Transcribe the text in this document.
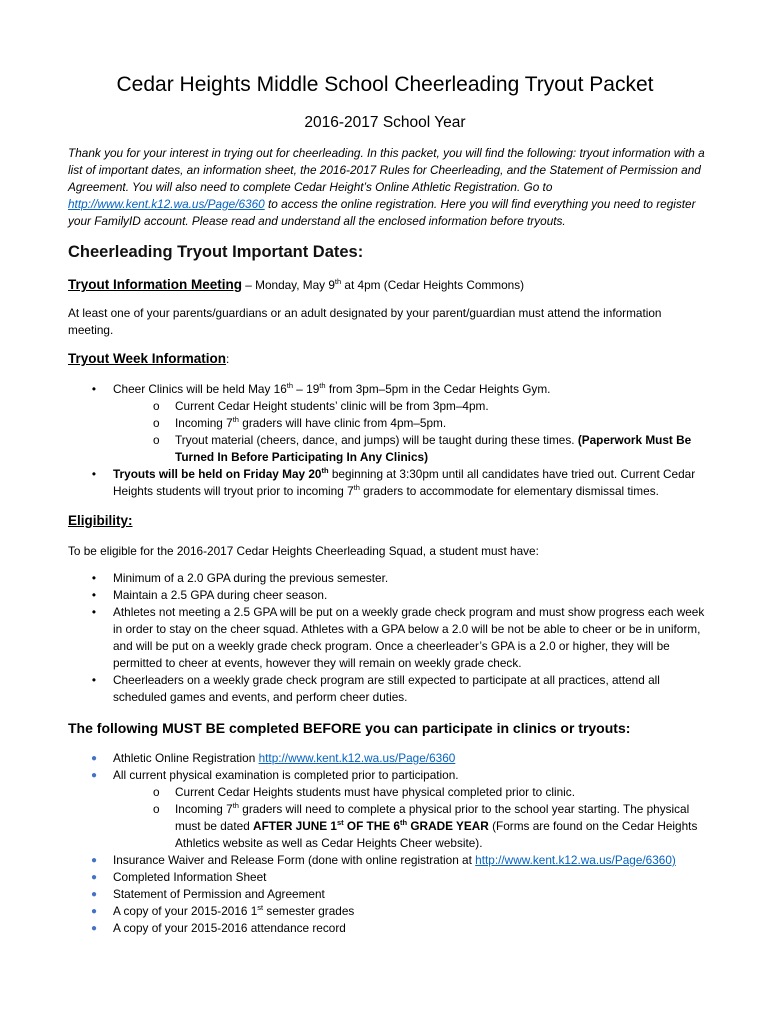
Cedar Heights Middle School Cheerleading Tryout Packet
2016-2017 School Year
Thank you for your interest in trying out for cheerleading. In this packet, you will find the following: tryout information with a list of important dates, an information sheet, the 2016-2017 Rules for Cheerleading, and the Statement of Permission and Agreement. You will also need to complete Cedar Height’s Online Athletic Registration. Go to http://www.kent.k12.wa.us/Page/6360 to access the online registration. Here you will find everything you need to register your FamilyID account. Please read and understand all the enclosed information before tryouts.
Cheerleading Tryout Important Dates:
Tryout Information Meeting – Monday, May 9th at 4pm (Cedar Heights Commons)
At least one of your parents/guardians or an adult designated by your parent/guardian must attend the information meeting.
Tryout Week Information:
•	Cheer Clinics will be held May 16th – 19th from 3pm–5pm in the Cedar Heights Gym.
o Current Cedar Height students’ clinic will be from 3pm–4pm.
o Incoming 7th graders will have clinic from 4pm–5pm.
o Tryout material (cheers, dance, and jumps) will be taught during these times. (Paperwork Must Be Turned In Before Participating In Any Clinics)
•	Tryouts will be held on Friday May 20th beginning at 3:30pm until all candidates have tried out. Current Cedar Heights students will tryout prior to incoming 7th graders to accommodate for elementary dismissal times.
Eligibility:
To be eligible for the 2016-2017 Cedar Heights Cheerleading Squad, a student must have:
•	Minimum of a 2.0 GPA during the previous semester.
•	Maintain a 2.5 GPA during cheer season.
•	Athletes not meeting a 2.5 GPA will be put on a weekly grade check program and must show progress each week in order to stay on the cheer squad. Athletes with a GPA below a 2.0 will be not be able to cheer or be in uniform, and will be put on a weekly grade check program. Once a cheerleader’s GPA is a 2.0 or higher, they will be permitted to cheer at events, however they will remain on weekly grade check.
•	Cheerleaders on a weekly grade check program are still expected to participate at all practices, attend all scheduled games and events, and perform cheer duties.
The following MUST BE completed BEFORE you can participate in clinics or tryouts:
● Athletic Online Registration http://www.kent.k12.wa.us/Page/6360
● All current physical examination is completed prior to participation.
o Current Cedar Heights students must have physical completed prior to clinic.
o Incoming 7th graders will need to complete a physical prior to the school year starting. The physical must be dated AFTER JUNE 1st OF THE 6th GRADE YEAR (Forms are found on the Cedar Heights Athletics website as well as Cedar Heights Cheer website).
● Insurance Waiver and Release Form (done with online registration at http://www.kent.k12.wa.us/Page/6360)
● Completed Information Sheet
● Statement of Permission and Agreement
● A copy of your 2015-2016 1st semester grades
● A copy of your 2015-2016 attendance record
